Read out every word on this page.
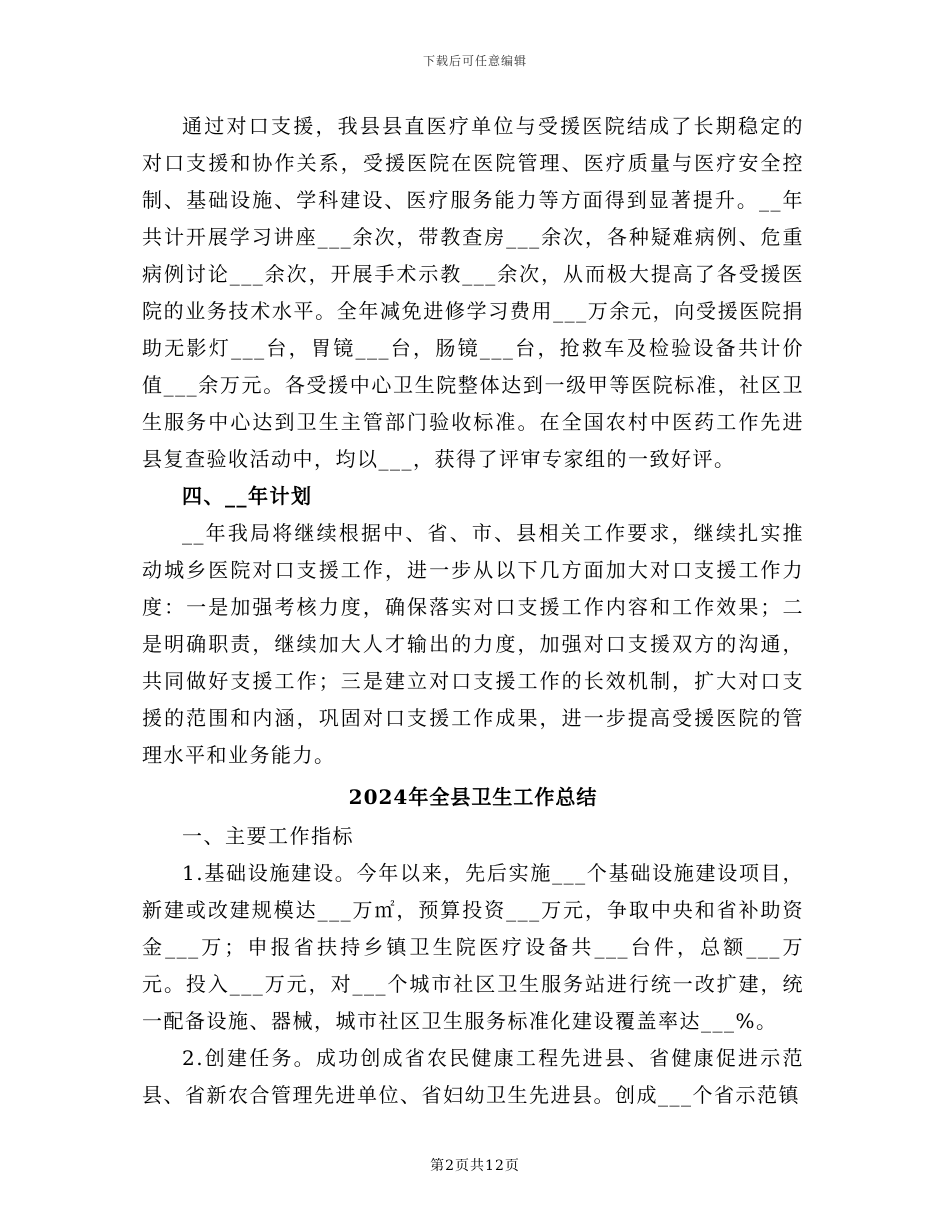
下载后可任意编辑

通过对口支援，我县县直医疗单位与受援医院结成了长期稳定的对口支援和协作关系，受援医院在医院管理、医疗质量与医疗安全控制、基础设施、学科建设、医疗服务能力等方面得到显著提升。__年共计开展学习讲座___余次，带教查房___余次，各种疑难病例、危重病例讨论___余次，开展手术示教___余次，从而极大提高了各受援医院的业务技术水平。全年减免进修学习费用___万余元，向受援医院捐助无影灯___台，胃镜___台，肠镜___台，抢救车及检验设备共计价值___余万元。各受援中心卫生院整体达到一级甲等医院标准，社区卫生服务中心达到卫生主管部门验收标准。在全国农村中医药工作先进县复查验收活动中，均以___，获得了评审专家组的一致好评。

四、__年计划

__年我局将继续根据中、省、市、县相关工作要求，继续扎实推动城乡医院对口支援工作，进一步从以下几方面加大对口支援工作力度：一是加强考核力度，确保落实对口支援工作内容和工作效果；二是明确职责，继续加大人才输出的力度，加强对口支援双方的沟通，共同做好支援工作；三是建立对口支援工作的长效机制，扩大对口支援的范围和内涵，巩固对口支援工作成果，进一步提高受援医院的管理水平和业务能力。

2024年全县卫生工作总结

一、主要工作指标

1.基础设施建设。今年以来，先后实施___个基础设施建设项目，新建或改建规模达___万㎡，预算投资___万元，争取中央和省补助资金___万；申报省扶持乡镇卫生院医疗设备共___台件，总额___万元。投入___万元，对___个城市社区卫生服务站进行统一改扩建，统一配备设施、器械，城市社区卫生服务标准化建设覆盖率达___%。

2.创建任务。成功创成省农民健康工程先进县、省健康促进示范县、省新农合管理先进单位、省妇幼卫生先进县。创成___个省示范镇

第2页共12页
